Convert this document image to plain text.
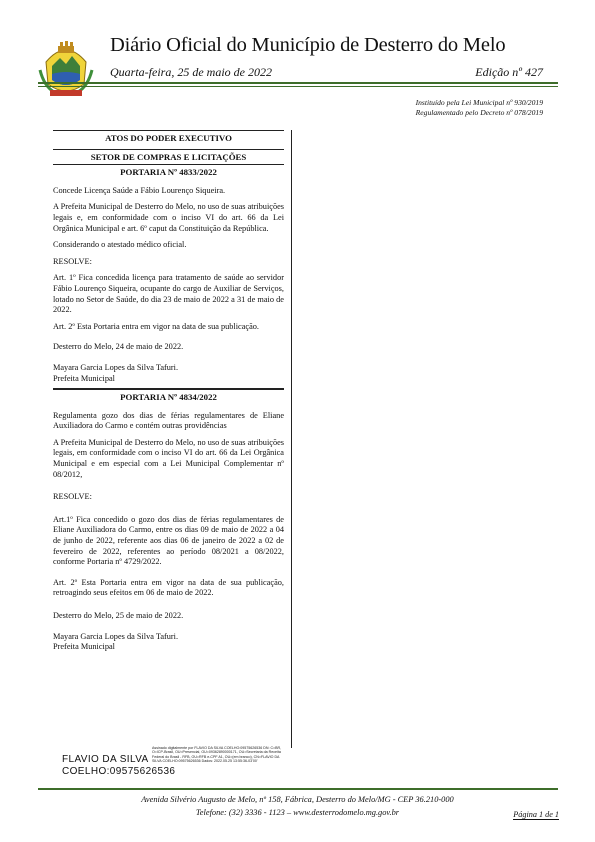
Diário Oficial do Município de Desterro do Melo
Quarta-feira, 25 de maio de 2022	Edição nº 427
Instituído pela Lei Municipal nº 930/2019
Regulamentado pelo Decreto nº 078/2019
ATOS DO PODER EXECUTIVO
SETOR DE COMPRAS E LICITAÇÕES
PORTARIA Nº 4833/2022

Concede Licença Saúde a Fábio Lourenço Siqueira.

A Prefeita Municipal de Desterro do Melo, no uso de suas atribuições legais e, em conformidade com o inciso VI do art. 66 da Lei Orgânica Municipal e art. 6º caput da Constituição da República.

Considerando o atestado médico oficial.

RESOLVE:

Art. 1º Fica concedida licença para tratamento de saúde ao servidor Fábio Lourenço Siqueira, ocupante do cargo de Auxiliar de Serviços, lotado no Setor de Saúde, do dia 23 de maio de 2022 a 31 de maio de 2022.

Art. 2º Esta Portaria entra em vigor na data de sua publicação.

Desterro do Melo, 24 de maio de 2022.

Mayara Garcia Lopes da Silva Tafuri.

Prefeita Municipal

PORTARIA Nº 4834/2022

Regulamenta gozo dos dias de férias regulamentares de Eliane Auxiliadora do Carmo e contém outras providências

A Prefeita Municipal de Desterro do Melo, no uso de suas atribuições legais, em conformidade com o inciso VI do art. 66 da Lei Orgânica Municipal e em especial com a Lei Municipal Complementar nº 08/2012,

RESOLVE:

Art.1º Fica concedido o gozo dos dias de férias regulamentares de Eliane Auxiliadora do Carmo, entre os dias 09 de maio de 2022 a 04 de junho de 2022, referente aos dias 06 de janeiro de 2022 a 02 de fevereiro de 2022, referentes ao período 08/2021 a 08/2022, conforme Portaria nº 4729/2022.

Art. 2º Esta Portaria entra em vigor na data de sua publicação, retroagindo seus efeitos em 06 de maio de 2022.

Desterro do Melo, 25 de maio de 2022.

Mayara Garcia Lopes da Silva Tafuri.

Prefeita Municipal

FLAVIO DA SILVA
COELHO:09575626536
Assinado digitalmente por FLAVIO DA SILVA COELHO:09575626536 DN: C=BR, O=ICP-Brasil, OU=Presencial, OU=09362890000171, OU=Secretaria da Receita Federal do Brasil - RFB, OU=RFB e-CPF A1, OU=(em branco), CN=FLAVIO DA SILVA COELHO:09575626536 Dados: 2022.05.25 13:55:36-03'00'
Avenida Silvério Augusto de Melo, nº 158, Fábrica, Desterro do Melo/MG - CEP 36.210-000
Telefone: (32) 3336 - 1123 – www.desterrodomelo.mg.gov.br	Página 1 de 1
